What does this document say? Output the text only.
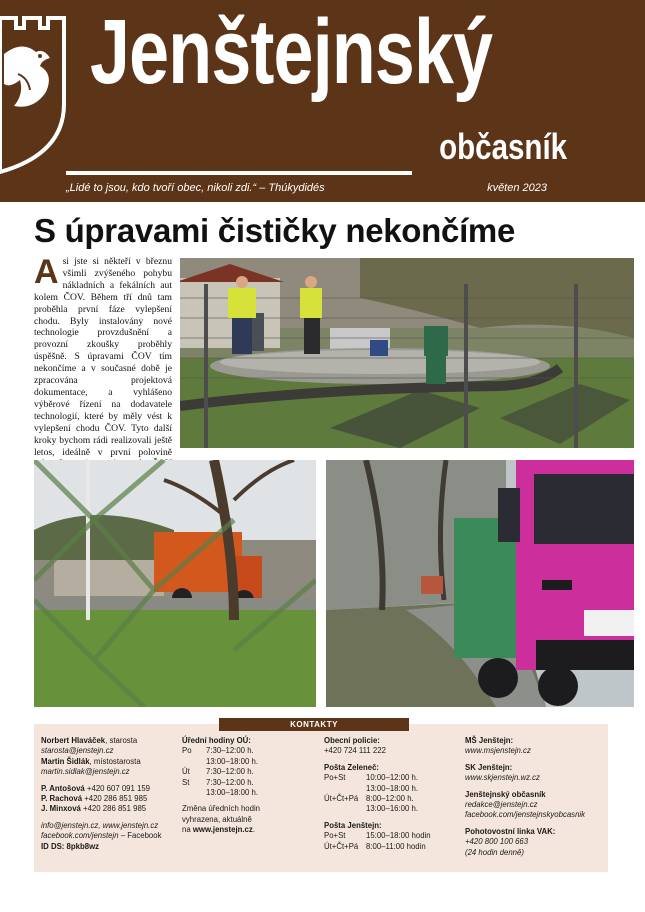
Jenštejnský
občasník
„Lidé to jsou, kdo tvoří obec, nikoli zdi.“ – Thúkydidés	květen 2023
S úpravami čističky nekončíme
Asi jste si někteří v březnu všimli zvýšeného pohybu nákladních a fekálních aut kolem ČOV. Během tří dnů tam proběhla první fáze vylepšení chodu. Byly instalovány nové technologie provzdušnění a provozní zkoušky proběhly úspěšně. S úpravami ČOV tím nekončíme a v současné době je zpracována projektová dokumentace, a vyhlášeno výběrové řízení na dodavatele technologií, které by měly vést k vylepšení chodu ČOV. Tyto další kroky bychom rádi realizovali ještě letos, ideálně v první polovině
KONTAKTY
Norbert Hlaváček, starosta
starosta@jenstejn.cz
Martin Šidlák, místostarosta
martin.sidlak@jenstejn.cz
P. Antošová +420 607 091 159
P. Rachová +420 286 851 985
J. Minxová +420 286 851 985
info@jenstejn.cz, www.jenstejn.cz
facebook.com/jenstejn – Facebook
ID DS: 8pkb8wz
Úřední hodiny OÚ:
Po	7:30–12:00 h.
13:00–18:00 h.
Út	7:30–12:00 h.
St	7:30–12:00 h.
13:00–18:00 h.
Změna úředních hodin
vyhrazena, aktuálně
na www.jenstejn.cz.
Obecní policie:
+420 724 111 222
Pošta Zeleneč:
Po+St	10:00–12:00 h.
13:00–18:00 h.
Út+Čt+Pá 8:00–12:00 h.
13:00–16:00 h.
Pošta Jenštejn:
Po+St	15:00–18:00 hodin
Út+Čt+Pá 8:00–11:00 hodin
MŠ Jenštejn:
www.msjenstejn.cz
SK Jenštejn:
www.skjenstejn.wz.cz
Jenštejnský občasník
redakce@jenstejn.cz
facebook.com/jenstejnskyobcasnik
Pohotovostní linka VAK:
+420 800 100 663
(24 hodin denně)
